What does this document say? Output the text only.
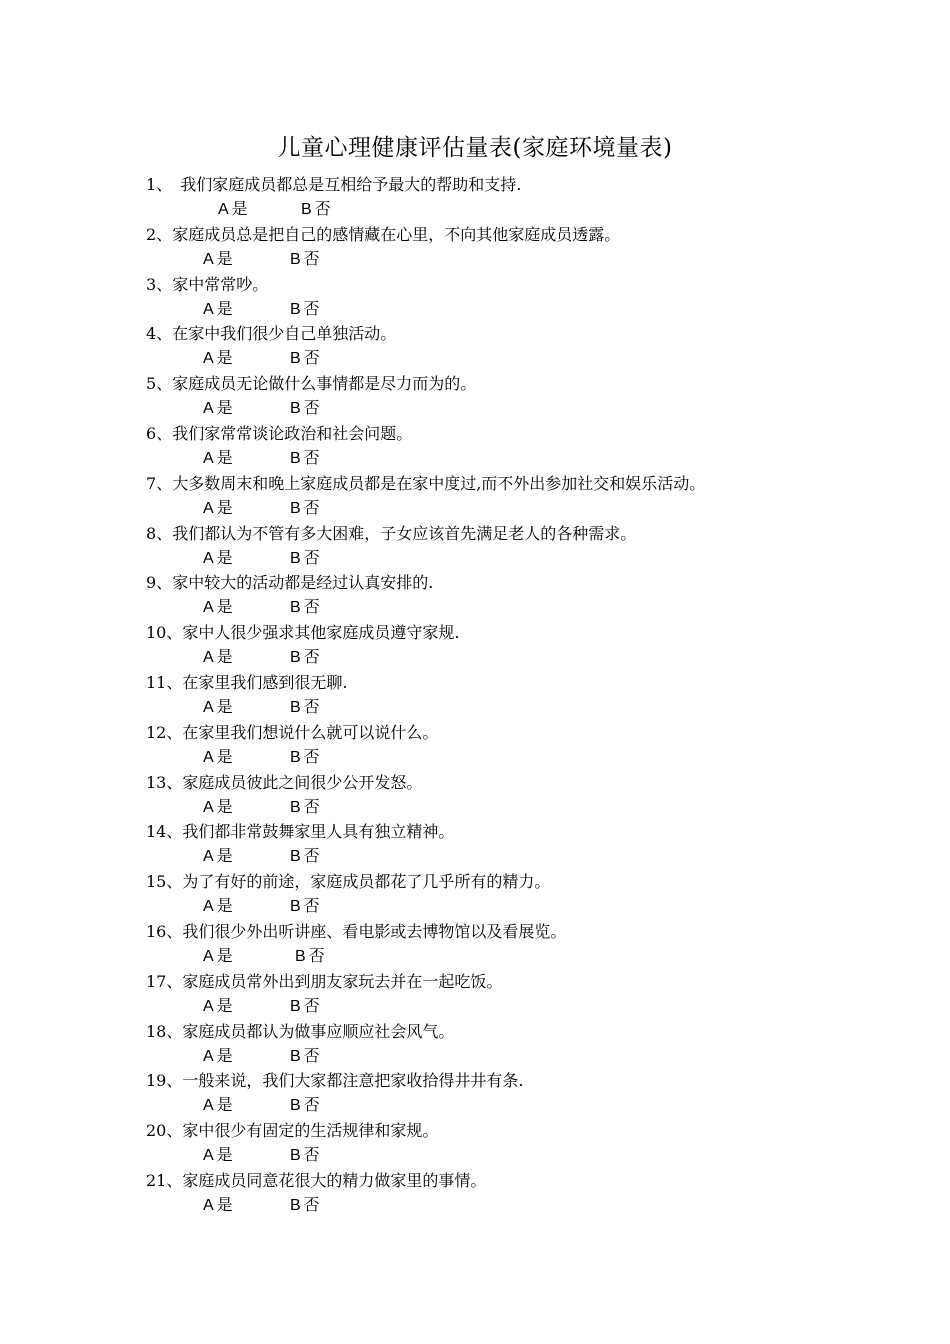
儿童心理健康评估量表(家庭环境量表)
1、 我们家庭成员都总是互相给予最大的帮助和支持.
A 是	B 否
2、家庭成员总是把自己的感情藏在心里，不向其他家庭成员透露。
A 是	B 否
3、家中常常吵。
A 是	B 否
4、在家中我们很少自己单独活动。
A 是	B 否
5、家庭成员无论做什么事情都是尽力而为的。
A 是	B 否
6、我们家常常谈论政治和社会问题。
A 是	B 否
7、大多数周末和晚上家庭成员都是在家中度过,而不外出参加社交和娱乐活动。
A 是	B 否
8、我们都认为不管有多大困难，子女应该首先满足老人的各种需求。
A 是	B 否
9、家中较大的活动都是经过认真安排的.
A 是	B 否
10、家中人很少强求其他家庭成员遵守家规.
A 是	B 否
11、在家里我们感到很无聊.
A 是	B 否
12、在家里我们想说什么就可以说什么。
A 是	B 否
13、家庭成员彼此之间很少公开发怒。
A 是	B 否
14、我们都非常鼓舞家里人具有独立精神。
A 是	B 否
15、为了有好的前途，家庭成员都花了几乎所有的精力。
A 是	B 否
16、我们很少外出听讲座、看电影或去博物馆以及看展览。
A 是	B 否
17、家庭成员常外出到朋友家玩去并在一起吃饭。
A 是	B 否
18、家庭成员都认为做事应顺应社会风气。
A 是	B 否
19、一般来说，我们大家都注意把家收拾得井井有条.
A 是	B 否
20、家中很少有固定的生活规律和家规。
A 是	B 否
21、家庭成员同意花很大的精力做家里的事情。
A 是	B 否
